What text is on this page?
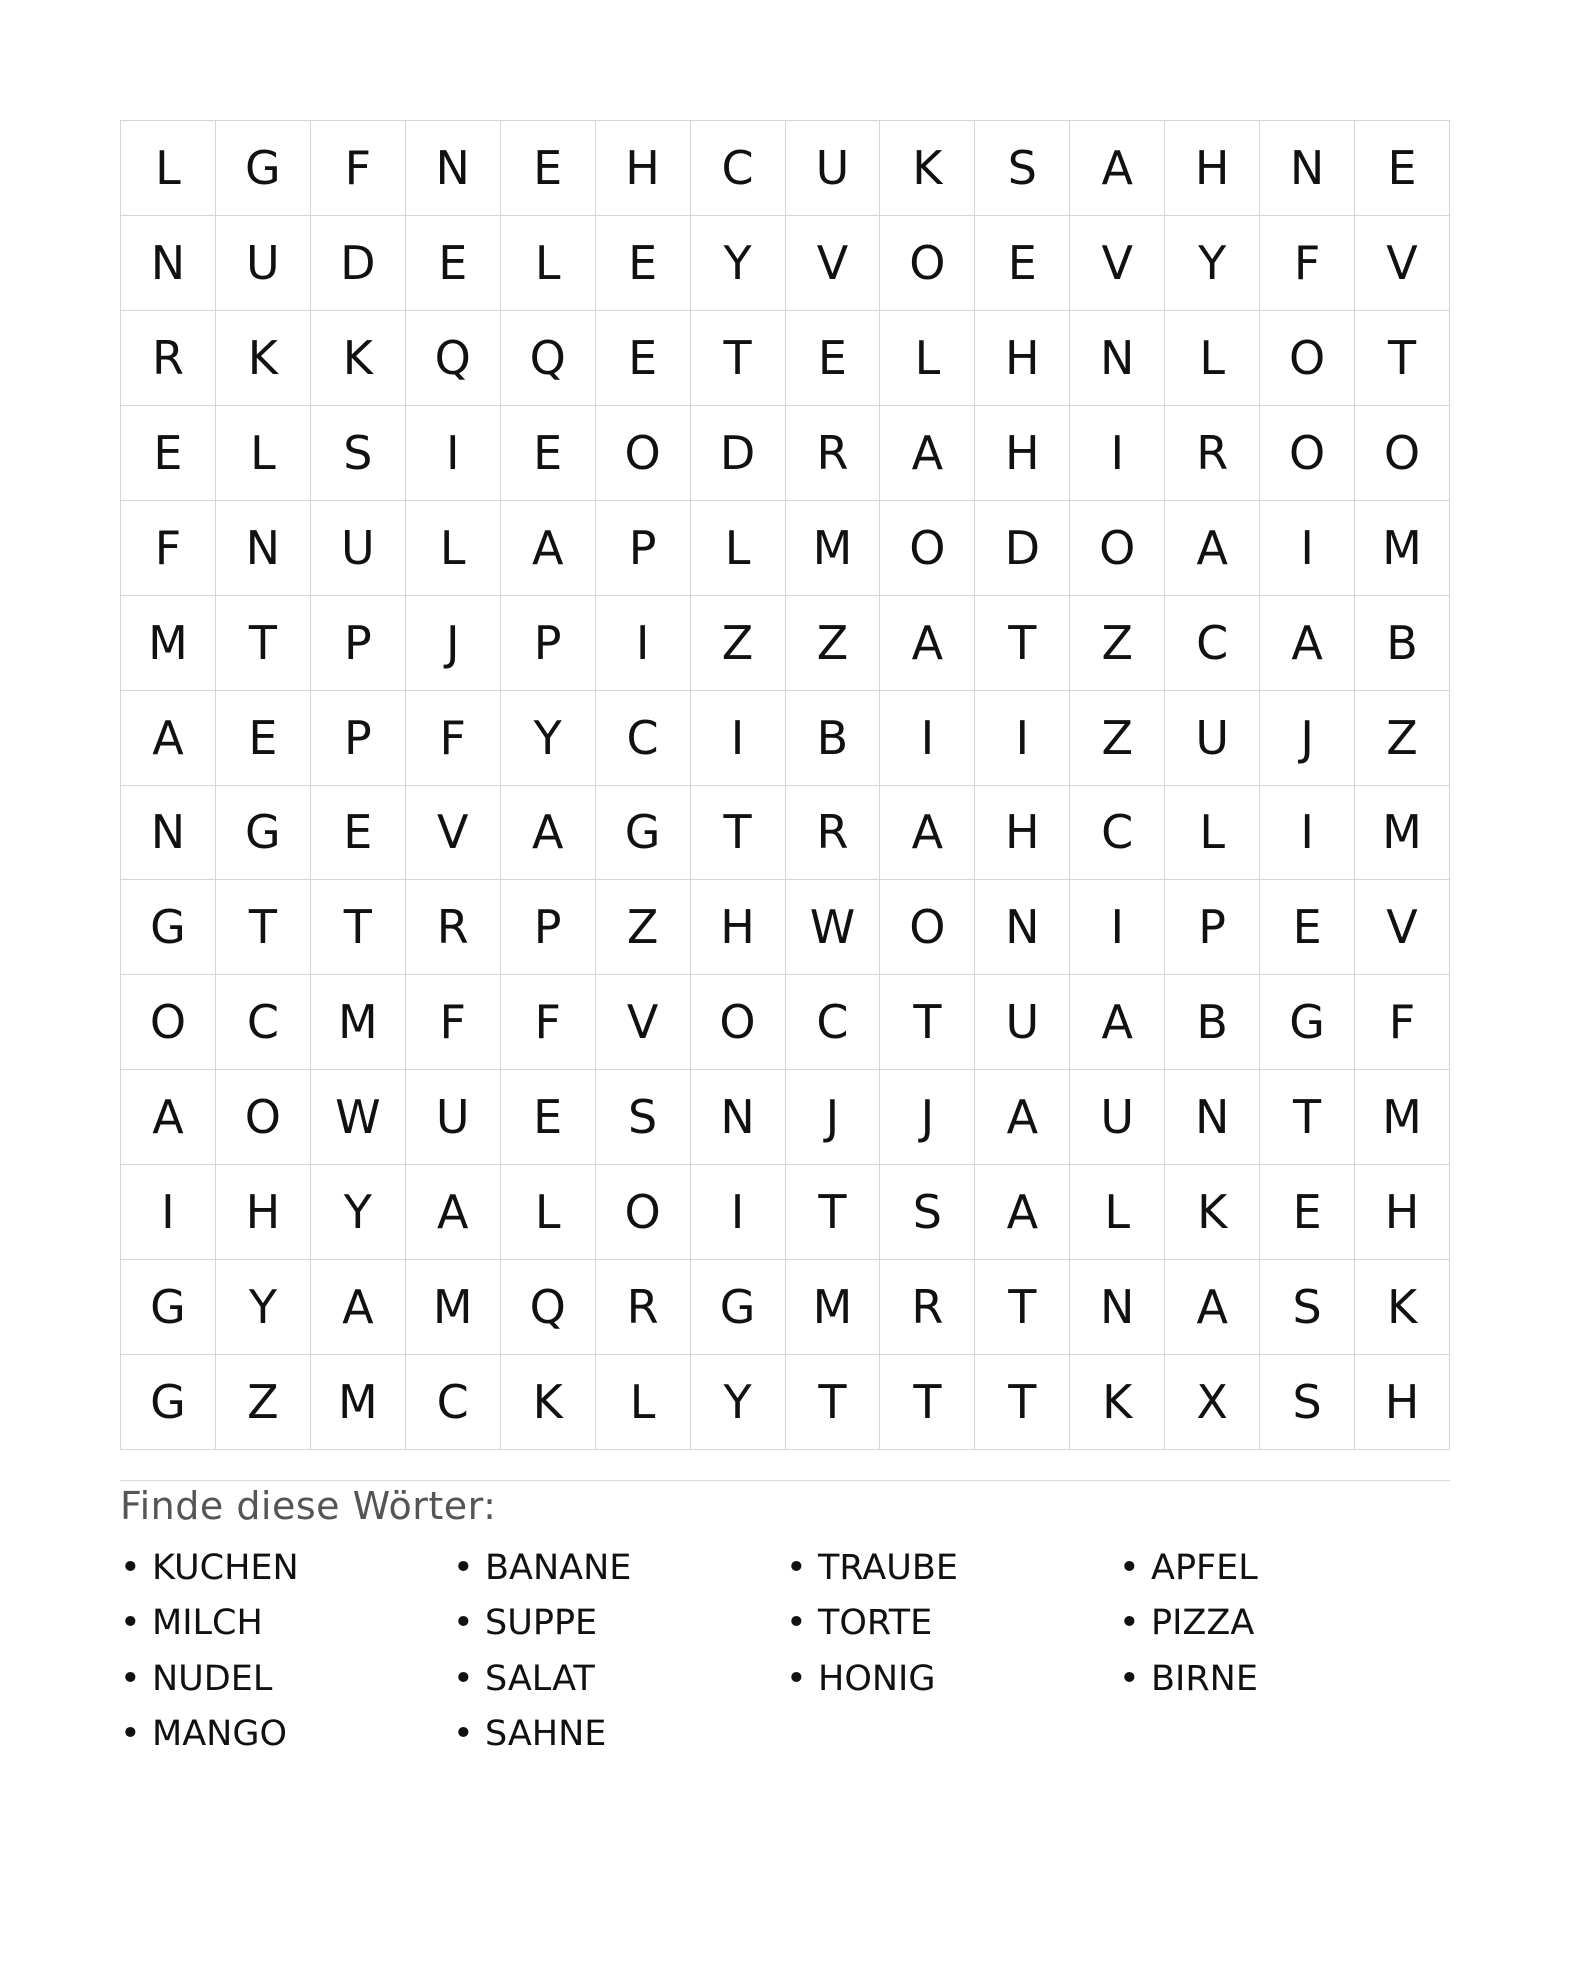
L	G	F	N	E	H	C	U	K	S	A	H	N	E
N	U	D	E	L	E	Y	V	O	E	V	Y	F	V
R	K	K	Q	Q	E	T	E	L	H	N	L	O	T
E	L	S	I	E	O	D	R	A	H	I	R	O	O
F	N	U	L	A	P	L	M	O	D	O	A	I	M
M	T	P	J	P	I	Z	Z	A	T	Z	C	A	B
A	E	P	F	Y	C	I	B	I	I	Z	U	J	Z
N	G	E	V	A	G	T	R	A	H	C	L	I	M
G	T	T	R	P	Z	H	W	O	N	I	P	E	V
O	C	M	F	F	V	O	C	T	U	A	B	G	F
A	O	W	U	E	S	N	J	J	A	U	N	T	M
I	H	Y	A	L	O	I	T	S	A	L	K	E	H
G	Y	A	M	Q	R	G	M	R	T	N	A	S	K
G	Z	M	C	K	L	Y	T	T	T	K	X	S	H
Finde diese Wörter:
• KUCHEN	• BANANE	• TRAUBE	• APFEL
• MILCH	• SUPPE	• TORTE	• PIZZA
• NUDEL	• SALAT	• HONIG	• BIRNE
• MANGO	• SAHNE
